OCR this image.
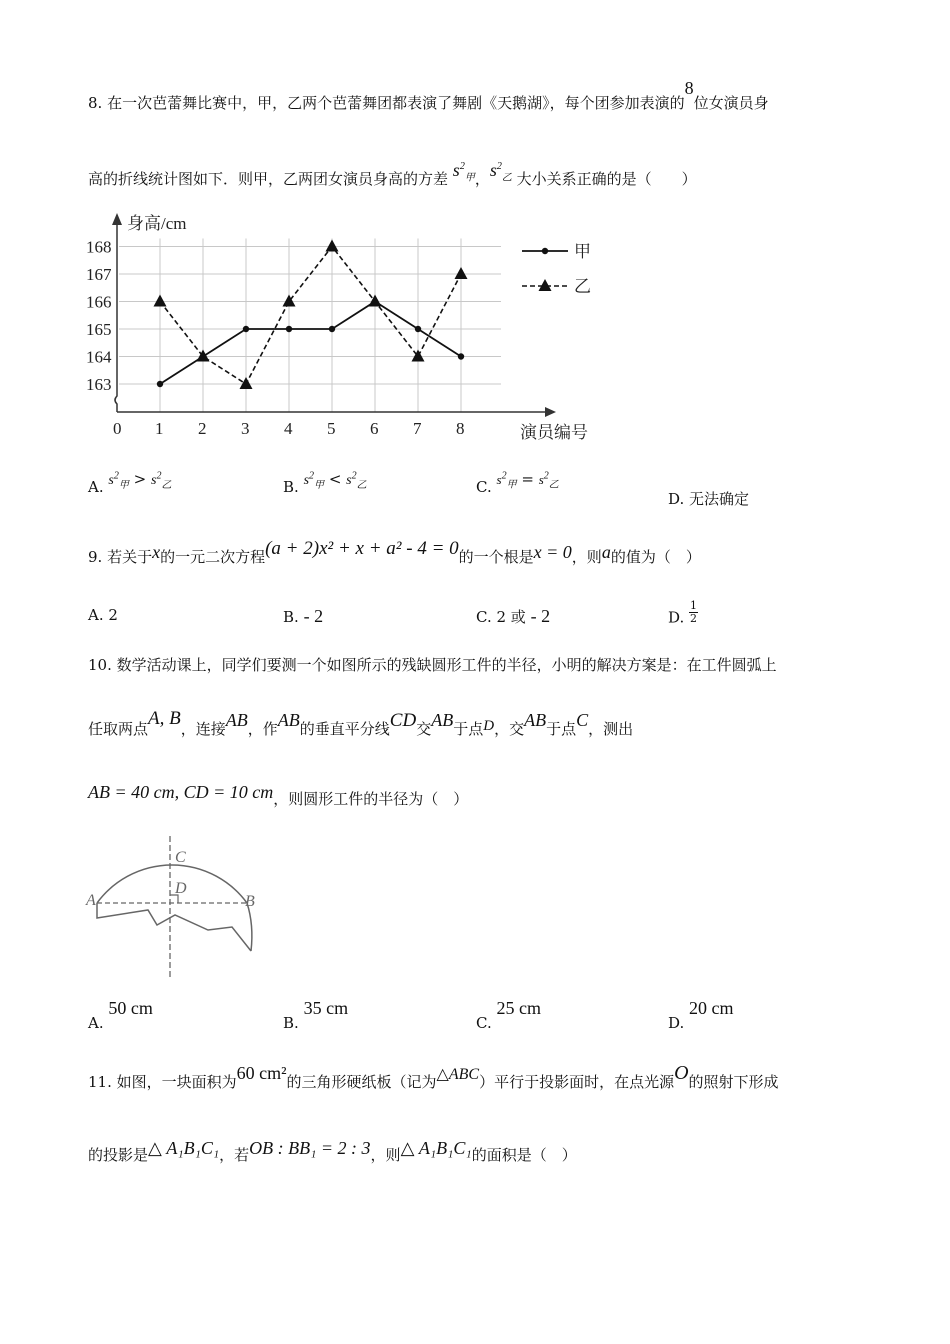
8. 在一次芭蕾舞比赛中，甲，乙两个芭蕾舞团都表演了舞剧《天鹅湖》，每个团参加表演的8位女演员身
高的折线统计图如下．则甲，乙两团女演员身高的方差 $s^2_甲$，$s^2_乙$ 大小关系正确的是（　　）
身高/cm
演员编号
0
163
164
165
166
167
168
1 2 3 4 5 6 7 8
甲
乙
A. $s^2_甲 > s^2_乙$	B. $s^2_甲 < s^2_乙$	C. $s^2_甲 = s^2_乙$
D. 无法确定
9. 若关于x的一元二次方程(a + 2)x² + x + a² - 4 = 0的一个根是x = 0，则a的值为（　）
A. 2	B. - 2	C. 2 或 - 2	D. $\frac{1}{2}$
10. 数学活动课上，同学们要测一个如图所示的残缺圆形工件的半径，小明的解决方案是：在工件圆弧上
任取两点A, B，连接AB，作AB的垂直平分线CD交AB于点D，交AB于点C，测出
AB = 40 cm, CD = 10 cm，则圆形工件的半径为（　）
A	B
C
D
A. 50 cm
B. 35 cm
C. 25 cm
D. 20 cm
11. 如图，一块面积为60 cm²的三角形硬纸板（记为△ABC）平行于投影面时，在点光源O的照射下形成
的投影是△ A₁B₁C₁，若OB : BB₁ = 2 : 3，则△ A₁B₁C₁的面积是（　）
